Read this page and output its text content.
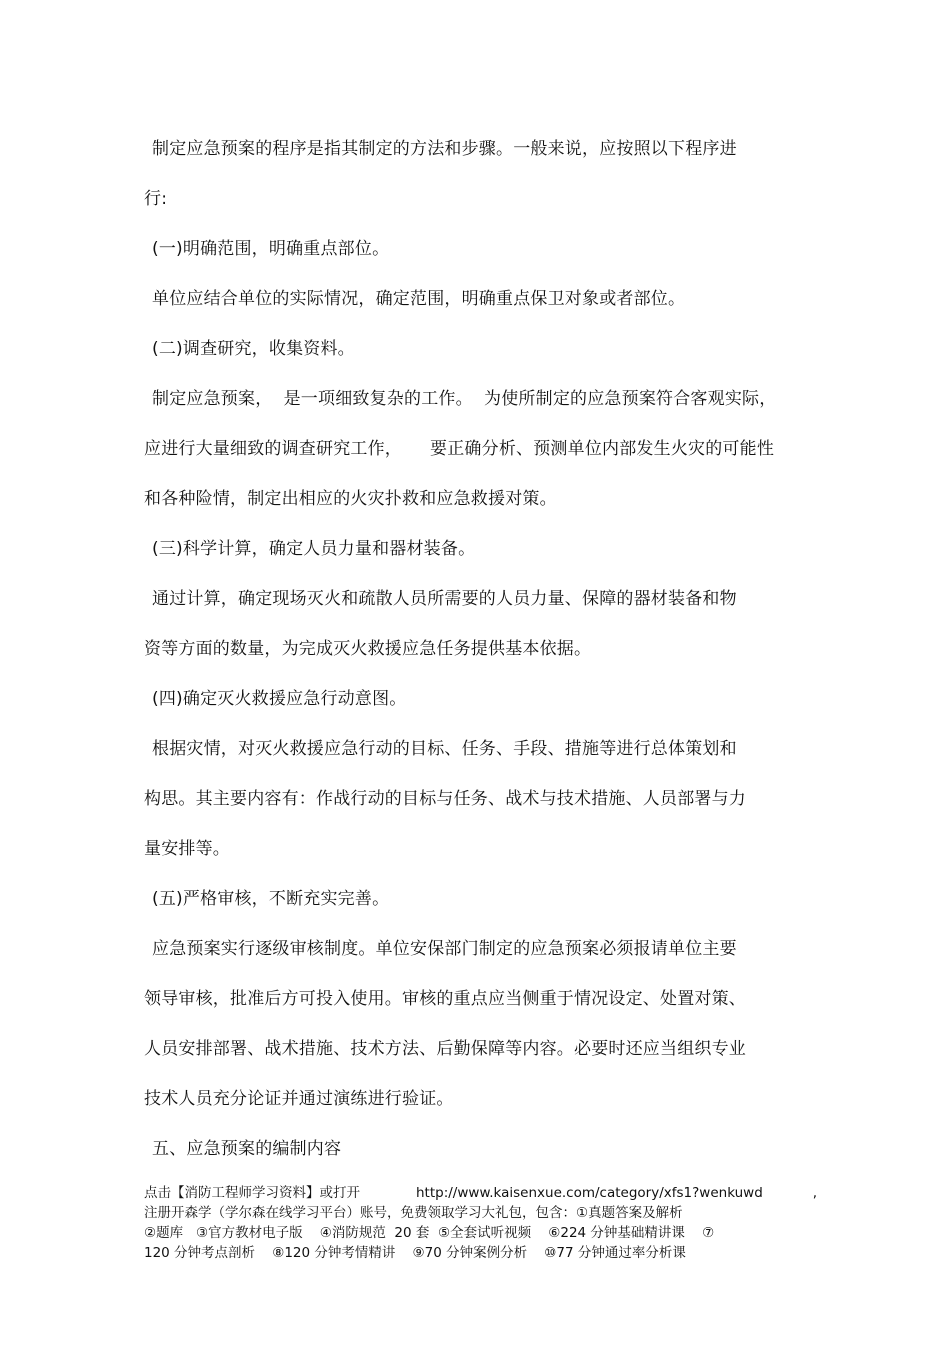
制定应急预案的程序是指其制定的方法和步骤。一般来说，应按照以下程序进
行:
(一)明确范围，明确重点部位。
单位应结合单位的实际情况，确定范围，明确重点保卫对象或者部位。
(二)调查研究，收集资料。
制定应急预案，  是一项细致复杂的工作。  为使所制定的应急预案符合客观实际，
应进行大量细致的调查研究工作，     要正确分析、预测单位内部发生火灾的可能性
和各种险情，制定出相应的火灾扑救和应急救援对策。
(三)科学计算，确定人员力量和器材装备。
通过计算，确定现场灭火和疏散人员所需要的人员力量、保障的器材装备和物
资等方面的数量，为完成灭火救援应急任务提供基本依据。
(四)确定灭火救援应急行动意图。
根据灾情，对灭火救援应急行动的目标、任务、手段、措施等进行总体策划和
构思。其主要内容有：作战行动的目标与任务、战术与技术措施、人员部署与力
量安排等。
(五)严格审核，不断充实完善。
应急预案实行逐级审核制度。单位安保部门制定的应急预案必须报请单位主要
领导审核，批准后方可投入使用。审核的重点应当侧重于情况设定、处置对策、
人员安排部署、战术措施、技术方法、后勤保障等内容。必要时还应当组织专业
技术人员充分论证并通过演练进行验证。
五、应急预案的编制内容
点击【消防工程师学习资料】或打开	http://www.kaisenxue.com/category/xfs1?wenkuwd	,
注册开森学（学尔森在线学习平台）账号，免费领取学习大礼包，包含：①真题答案及解析
②题库   ③官方教材电子版    ④消防规范  20 套  ⑤全套试听视频    ⑥224 分钟基础精讲课    ⑦
120 分钟考点剖析    ⑧120 分钟考情精讲    ⑨70 分钟案例分析    ⑩77 分钟通过率分析课
